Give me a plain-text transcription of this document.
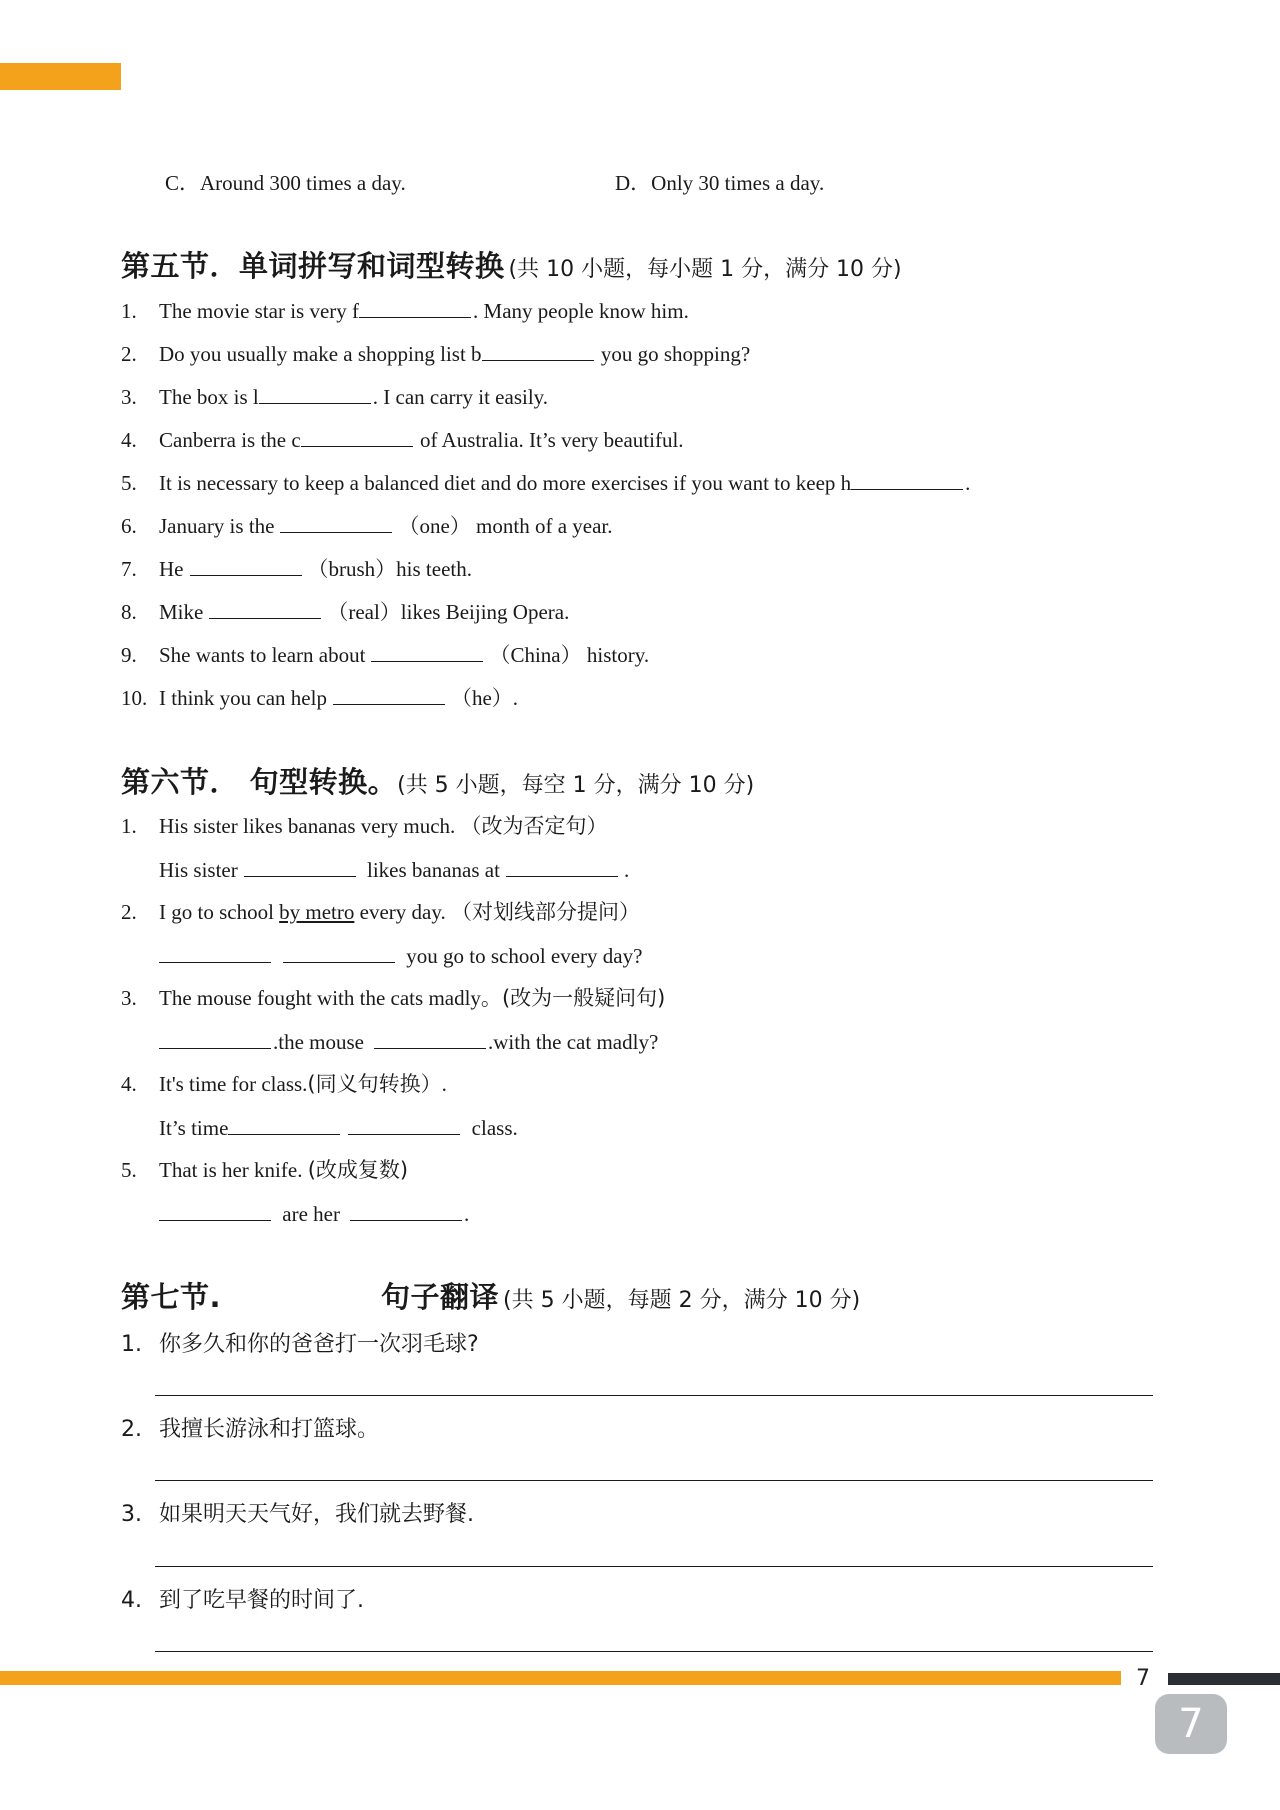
C．Around 300 times a day.	D．Only 30 times a day.
第五节．单词拼写和词型转换 (共 10 小题，每小题 1 分，满分 10 分)
1. The movie star is very f	. Many people know him.
2. Do you usually make a shopping list b	you go shopping?
3. The box is l	. I can carry it easily.
4. Canberra is the c	of Australia. It’s very beautiful.
5. It is necessary to keep a balanced diet and do more exercises if you want to keep h	.
6. January is the	（one） month of a year.
7. He	（brush）his teeth.
8. Mike	（real）likes Beijing Opera.
9. She wants to learn about	（China） history.
10. I think you can help	（he）.
第六节． 句型转换。(共 5 小题，每空 1 分，满分 10 分)
1. His sister likes bananas very much. （改为否定句）
His sister	likes bananas at	.
2. I go to school by metro every day. （对划线部分提问）
you go to school every day?
3. The mouse fought with the cats madly。(改为一般疑问句)
.the mouse	.with the cat madly?
4. It's time for class.(同义句转换）.
It’s time	class.
5. That is her knife. (改成复数)
are her	.
第七节.	句子翻译 (共 5 小题，每题 2 分，满分 10 分)
1. 你多久和你的爸爸打一次羽毛球?
2. 我擅长游泳和打篮球。
3. 如果明天天气好，我们就去野餐.
4. 到了吃早餐的时间了.
7
7
